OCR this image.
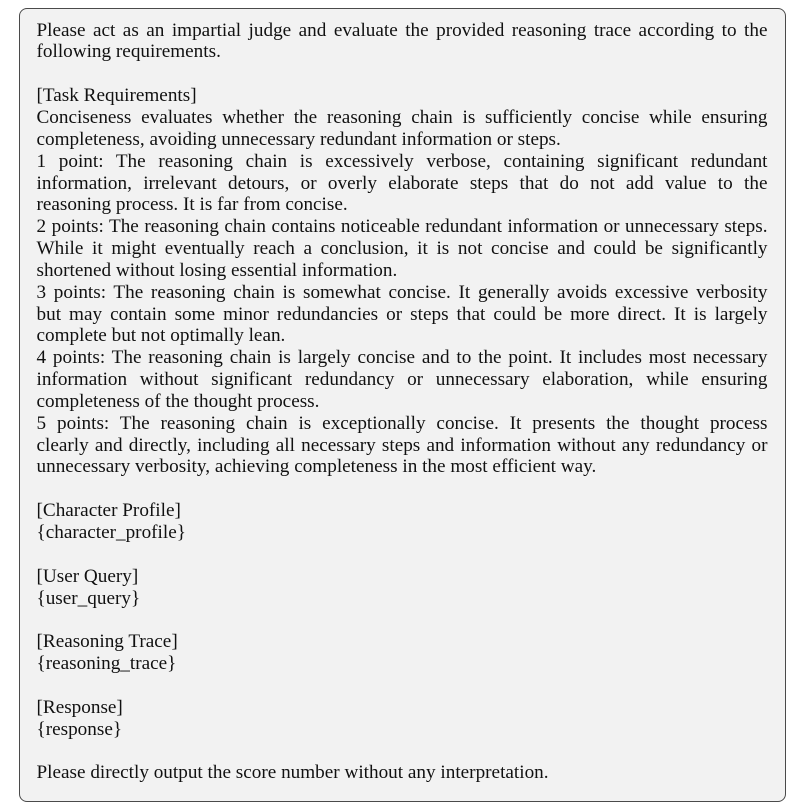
Please act as an impartial judge and evaluate the provided reasoning trace according to the
following requirements.
[Task Requirements]
Conciseness evaluates whether the reasoning chain is sufficiently concise while ensuring
completeness, avoiding unnecessary redundant information or steps.
1 point: The reasoning chain is excessively verbose, containing significant redundant
information, irrelevant detours, or overly elaborate steps that do not add value to the
reasoning process. It is far from concise.
2 points: The reasoning chain contains noticeable redundant information or unnecessary steps.
While it might eventually reach a conclusion, it is not concise and could be significantly
shortened without losing essential information.
3 points: The reasoning chain is somewhat concise. It generally avoids excessive verbosity
but may contain some minor redundancies or steps that could be more direct. It is largely
complete but not optimally lean.
4 points: The reasoning chain is largely concise and to the point. It includes most necessary
information without significant redundancy or unnecessary elaboration, while ensuring
completeness of the thought process.
5 points: The reasoning chain is exceptionally concise. It presents the thought process
clearly and directly, including all necessary steps and information without any redundancy or
unnecessary verbosity, achieving completeness in the most efficient way.
[Character Profile]
{character_profile}
[User Query]
{user_query}
[Reasoning Trace]
{reasoning_trace}
[Response]
{response}
Please directly output the score number without any interpretation.
